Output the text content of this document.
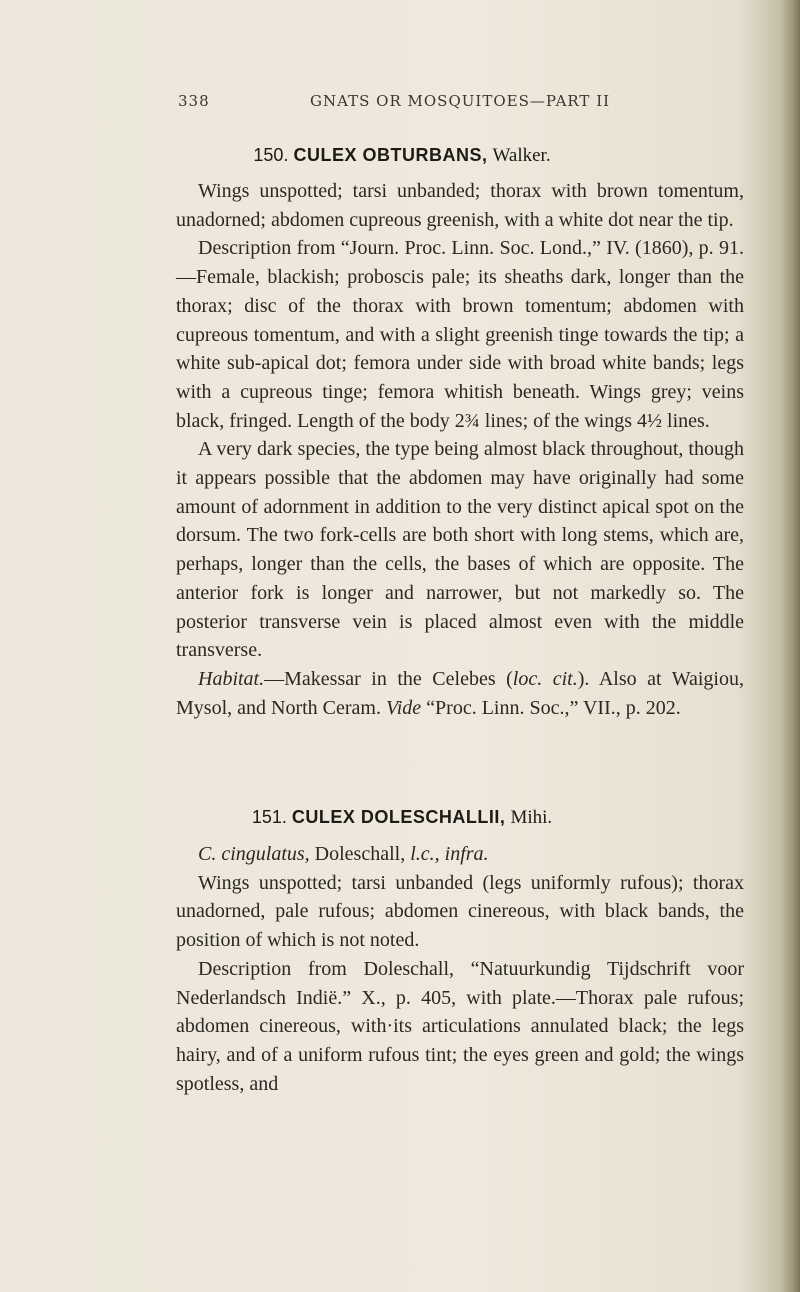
338	GNATS OR MOSQUITOES—PART II
150. CULEX OBTURBANS, Walker.

Wings unspotted; tarsi unbanded; thorax with brown tomentum, unadorned; abdomen cupreous greenish, with a white dot near the tip.

Description from “Journ. Proc. Linn. Soc. Lond.,” IV. (1860), p. 91.—Female, blackish; proboscis pale; its sheaths dark, longer than the thorax; disc of the thorax with brown tomentum; abdomen with cupreous tomentum, and with a slight greenish tinge towards the tip; a white sub-apical dot; femora under side with broad white bands; legs with a cupreous tinge; femora whitish beneath. Wings grey; veins black, fringed. Length of the body 2¾ lines; of the wings 4½ lines.

A very dark species, the type being almost black throughout, though it appears possible that the abdomen may have originally had some amount of adornment in addition to the very distinct apical spot on the dorsum. The two fork-cells are both short with long stems, which are, perhaps, longer than the cells, the bases of which are opposite. The anterior fork is longer and narrower, but not markedly so. The posterior transverse vein is placed almost even with the middle transverse.

Habitat.—Makessar in the Celebes (loc. cit.). Also at Waigiou, Mysol, and North Ceram. Vide “Proc. Linn. Soc.,” VII., p. 202.

151. CULEX DOLESCHALLII, Mihi.

C. cingulatus, Doleschall, l.c., infra.

Wings unspotted; tarsi unbanded (legs uniformly rufous); thorax unadorned, pale rufous; abdomen cinereous, with black bands, the position of which is not noted.

Description from Doleschall, “Natuurkundig Tijdschrift voor Nederlandsch Indië.” X., p. 405, with plate.—Thorax pale rufous; abdomen cinereous, with·its articulations annulated black; the legs hairy, and of a uniform rufous tint; the eyes green and gold; the wings spotless, and
